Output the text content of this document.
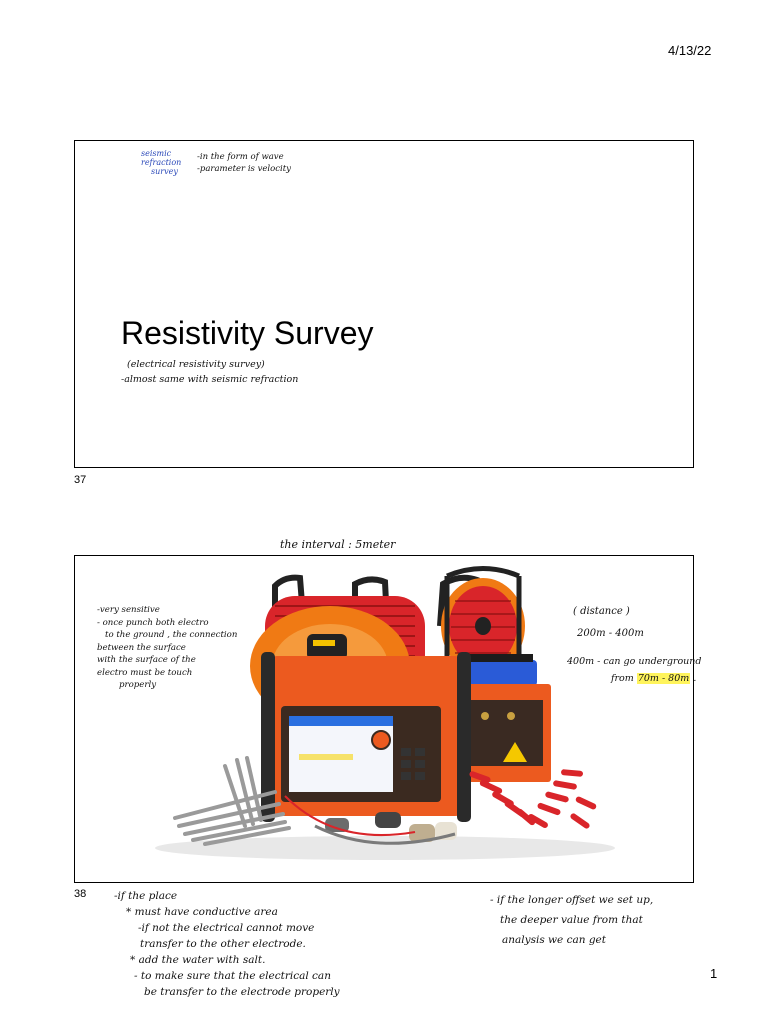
4/13/22
seismic
refraction
survey
-in the form of wave
-parameter is velocity
Resistivity Survey
(electrical resistivity survey)
-almost same with seismic refraction
37
the interval : 5meter
-very sensitive
- once punch both electro
to the ground , the connection
between the surface
with the surface of the
electro must be touch
properly
( distance )
200m - 400m
400m - can go underground
from 70m - 80m .
38	-if the place
* must have conductive area
-if not the electrical cannot move
transfer to the other electrode.
* add the water with salt.
- to make sure that the electrical can
be transfer to the electrode properly
- if the longer offset we set up,
the deeper value from that
analysis we can get
1
